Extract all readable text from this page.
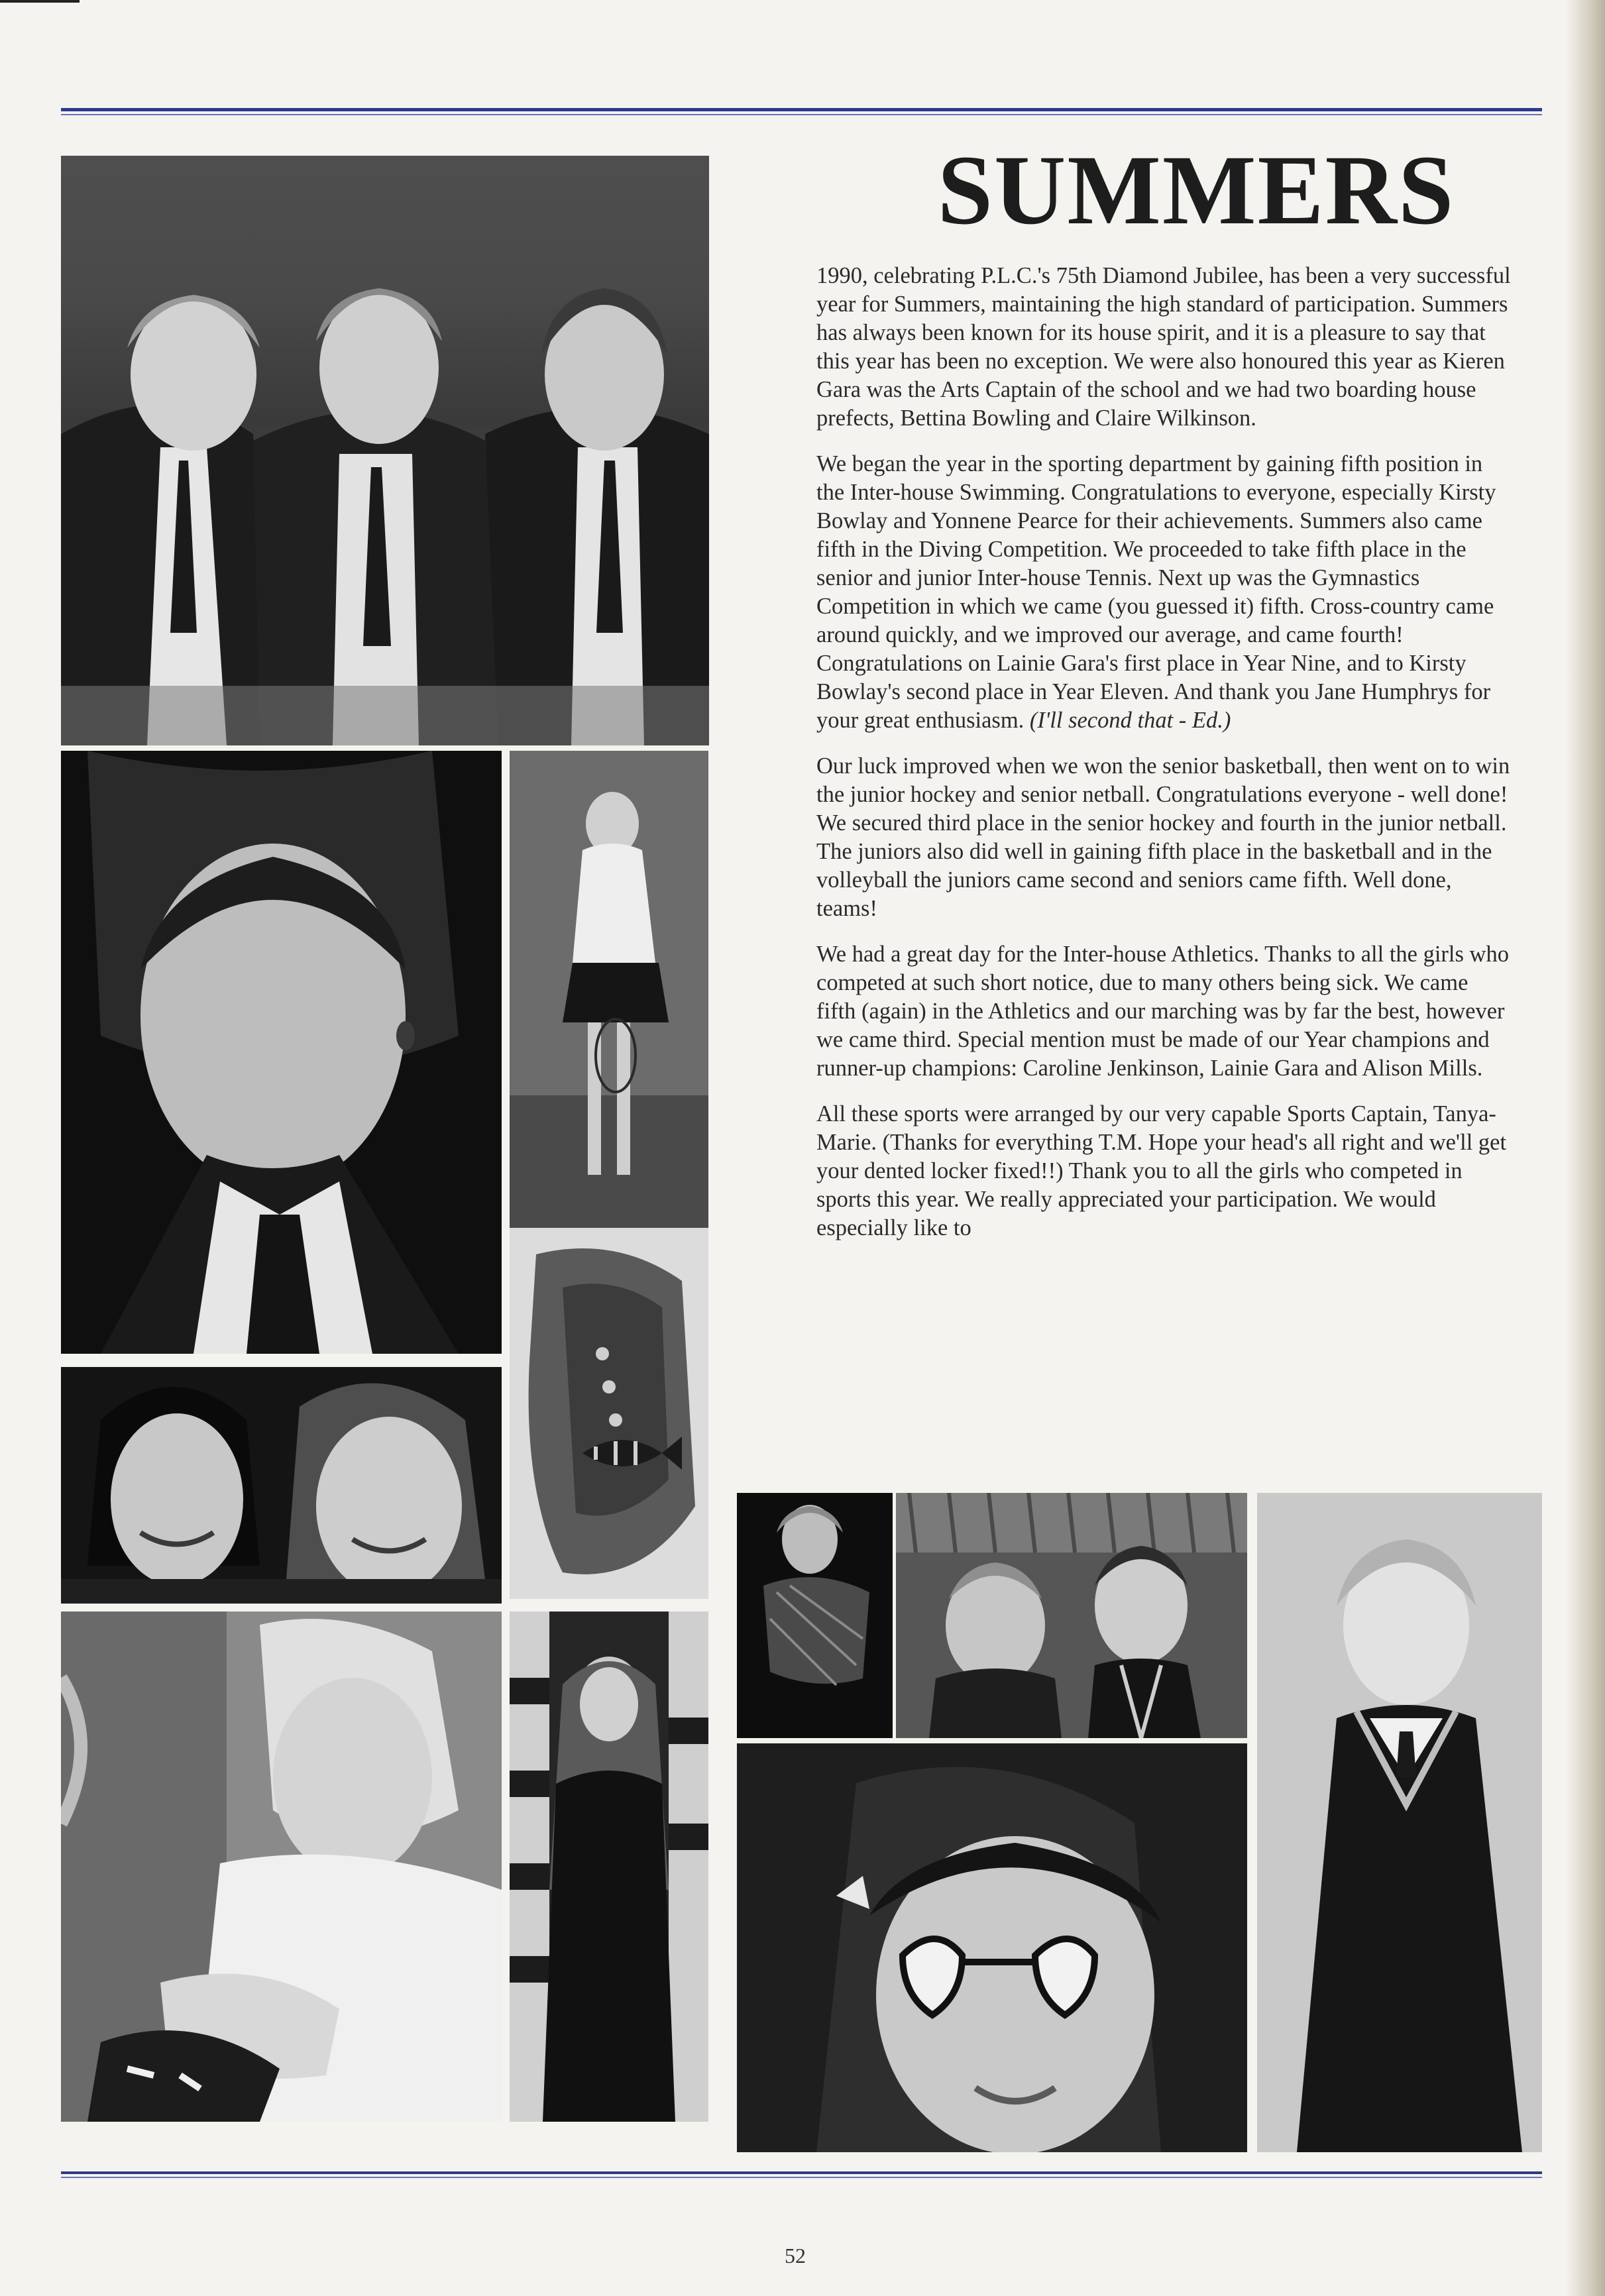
SUMMERS

1990, celebrating P.L.C.'s 75th Diamond Jubilee, has been a very successful year for Summers, maintaining the high standard of participation. Summers has always been known for its house spirit, and it is a pleasure to say that this year has been no exception. We were also honoured this year as Kieren Gara was the Arts Captain of the school and we had two boarding house prefects, Bettina Bowling and Claire Wilkinson.

We began the year in the sporting department by gaining fifth position in the Inter-house Swimming. Congratulations to everyone, especially Kirsty Bowlay and Yonnene Pearce for their achievements. Summers also came fifth in the Diving Competition. We proceeded to take fifth place in the senior and junior Inter-house Tennis. Next up was the Gymnastics Competition in which we came (you guessed it) fifth. Cross-country came around quickly, and we improved our average, and came fourth! Congratulations on Lainie Gara's first place in Year Nine, and to Kirsty Bowlay's second place in Year Eleven. And thank you Jane Humphrys for your great enthusiasm. (I'll second that - Ed.)

Our luck improved when we won the senior basketball, then went on to win the junior hockey and senior netball. Congratulations everyone - well done! We secured third place in the senior hockey and fourth in the junior netball. The juniors also did well in gaining fifth place in the basketball and in the volleyball the juniors came second and seniors came fifth. Well done, teams!

We had a great day for the Inter-house Athletics. Thanks to all the girls who competed at such short notice, due to many others being sick. We came fifth (again) in the Athletics and our marching was by far the best, however we came third. Special mention must be made of our Year champions and runner-up champions: Caroline Jenkinson, Lainie Gara and Alison Mills.

All these sports were arranged by our very capable Sports Captain, Tanya-Marie. (Thanks for everything T.M. Hope your head's all right and we'll get your dented locker fixed!!) Thank you to all the girls who competed in sports this year. We really appreciated your participation. We would especially like to

52
